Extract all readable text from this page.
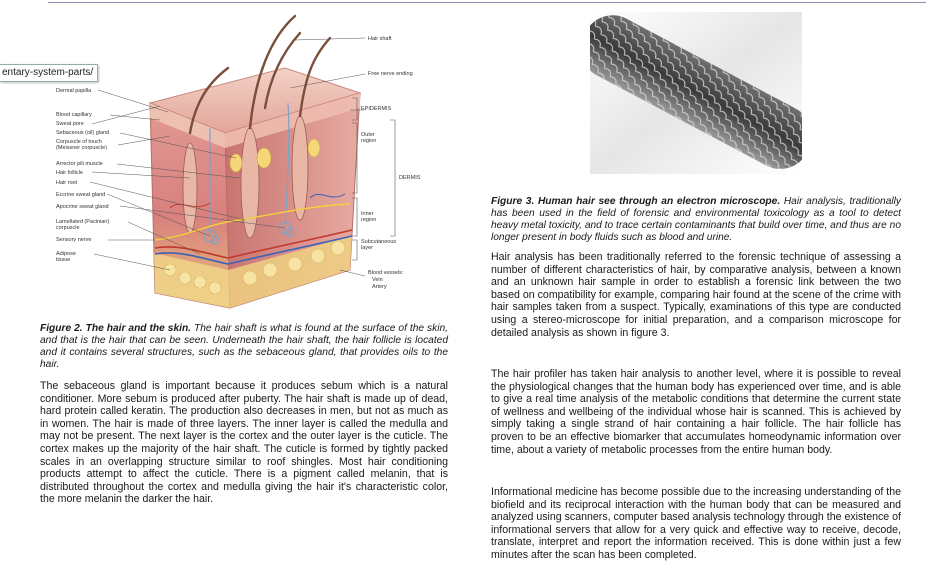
entary-system-parts/
Dermal papilla
Blood capillary
Sweat pore
Sebaceous (oil) gland
Corpuscle of touch
(Meissner corpuscle)
Arrector pili muscle
Hair follicle
Hair root
Eccrine sweat gland
Apocrine sweat gland
Lamellated (Pacinian)
corpuscle
Sensory nerve
Adipose
tissue
Hair shaft
Free nerve ending
EPIDERMIS
Outer
region
DERMIS
Inner
region
Subcutaneous
layer
Blood vessels:
Vein
Artery
Figure 2. The hair and the skin. The hair shaft is what is found at the surface of the skin, and that is the hair that can be seen. Underneath the hair shaft, the hair follicle is located and it contains several structures, such as the sebaceous gland, that provides oils to the hair.

The sebaceous gland is important because it produces sebum which is a natural conditioner. More sebum is produced after puberty. The hair shaft is made up of dead, hard protein called keratin. The production also decreases in men, but not as much as in women. The hair is made of three layers. The inner layer is called the medulla and may not be present. The next layer is the cortex and the outer layer is the cuticle. The cortex makes up the majority of the hair shaft. The cuticle is formed by tightly packed scales in an overlapping structure similar to roof shingles. Most hair conditioning products attempt to affect the cuticle. There is a pigment called melanin, that is distributed throughout the cortex and medulla giving the hair it's characteristic color, the more melanin the darker the hair.

Figure 3. Human hair see through an electron microscope. Hair analysis, traditionally has been used in the field of forensic and environmental toxicology as a tool to detect heavy metal toxicity, and to trace certain contaminants that build over time, and thus are no longer present in body fluids such as blood and urine.

Hair analysis has been traditionally referred to the forensic technique of assessing a number of different characteristics of hair, by comparative analysis, between a known and an unknown hair sample in order to establish a forensic link between the two based on compatibility for example, comparing hair found at the scene of the crime with hair samples taken from a suspect. Typically, examinations of this type are conducted using a stereo-microscope for initial preparation, and a comparison microscope for detailed analysis as shown in figure 3.

The hair profiler has taken hair analysis to another level, where it is possible to reveal the physiological changes that the human body has experienced over time, and is able to give a real time analysis of the metabolic conditions that determine the current state of wellness and wellbeing of the individual whose hair is scanned. This is achieved by simply taking a single strand of hair containing a hair follicle. The hair follicle has proven to be an effective biomarker that accumulates homeodynamic information over time, about a variety of metabolic processes from the entire human body.

Informational medicine has become possible due to the increasing understanding of the biofield and its reciprocal interaction with the human body that can be measured and analyzed using scanners, computer based analysis technology through the existence of informational servers that allow for a very quick and effective way to receive, decode, translate, interpret and report the information received. This is done within just a few minutes after the scan has been completed.
